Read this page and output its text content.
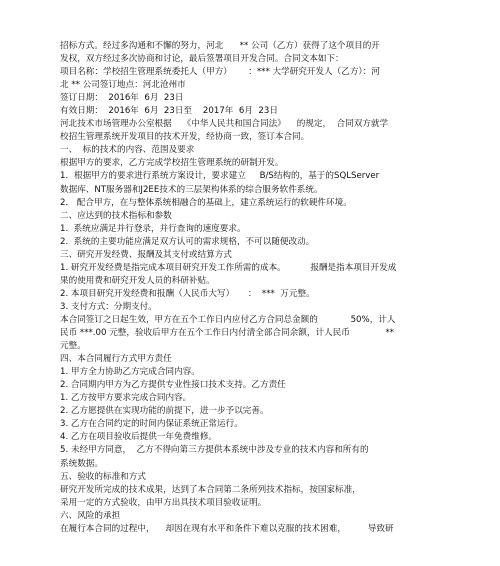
招标方式。经过多沟通和不懈的努力，河北      ** 公司（乙方）获得了这个项目的开
发权，双方经过多次协商和讨论，最后签署项目开发合同。合同文本如下：
项目名称：学校招生管理系统委托人（甲方）      ：*** 大学研究开发人（乙方）：河
北 ** 公司签订地点：河北沧州市
签订日期：  2016年  6月  23日
有效日期：  2016年  6月  23日至    2017年  6月  23日
河北技术市场管理办公室根据    《中华人民共和国合同法》    的规定，  合同双方就学
校招生管理系统开发项目的技术开发，经协商一致，签订本合同。
一、  标的技术的内容、范围及要求
根据甲方的要求，乙方完成学校招生管理系统的研制开发。
1．根据甲方的要求进行系统方案设计，要求建立     B/S结构的，基于的SQLServer
数据库、NT服务器和J2EE技术的三层架构体系的综合服务软件系统。
2． 配合甲方，在与整体系统相融合的基础上，建立系统运行的软硬件环境。
二、应达到的技术指标和参数
1.  系统应满足并行登录，并行查询的速度要求。
2.  系统的主要功能应满足双方认可的需求规格，不可以随便改动。
三、研究开发经费、报酬及其支付或结算方式
1. 研究开发经费是指完成本项目研究开发工作所需的成本。         报酬是指本项目开发成
果的使用费和研究开发人员的科研补贴。
2. 本项目研究开发经费和报酬（人民币大写）     ：  ***  万元整。
3. 支付方式：分期支付。
本合同签订之日起生效，甲方在五个工作日内应付乙方合同总金额的            50%，计人
民币 ***.00 元整，验收后甲方在五个工作日内付清全部合同余额，计人民币             **
元整。
四、本合同履行方式甲方责任
1. 甲方全力协助乙方完成合同内容。
2. 合同期内甲方为乙方提供专业性接口技术支持。乙方责任
1. 乙方按甲方要求完成合同内容。
2. 乙方愿提供在实现功能的前提下，进一步予以完善。
3. 乙方在合同约定的时间内保证系统正常运行。
4. 乙方在项目验收后提供一年免费维修。
5. 未经甲方同意，  乙方不得向第三方提供本系统中涉及专业的技术内容和所有的
系统数据。
五、验收的标准和方式
研究开发所完成的技术成果，达到了本合同第二条所列技术指标，按国家标准，
采用一定的方式验收，由甲方出具技术项目验收证明。
六、风险的承担
在履行本合同的过程中，    却因在现有水平和条件下难以克服的技术困难，        导致研
